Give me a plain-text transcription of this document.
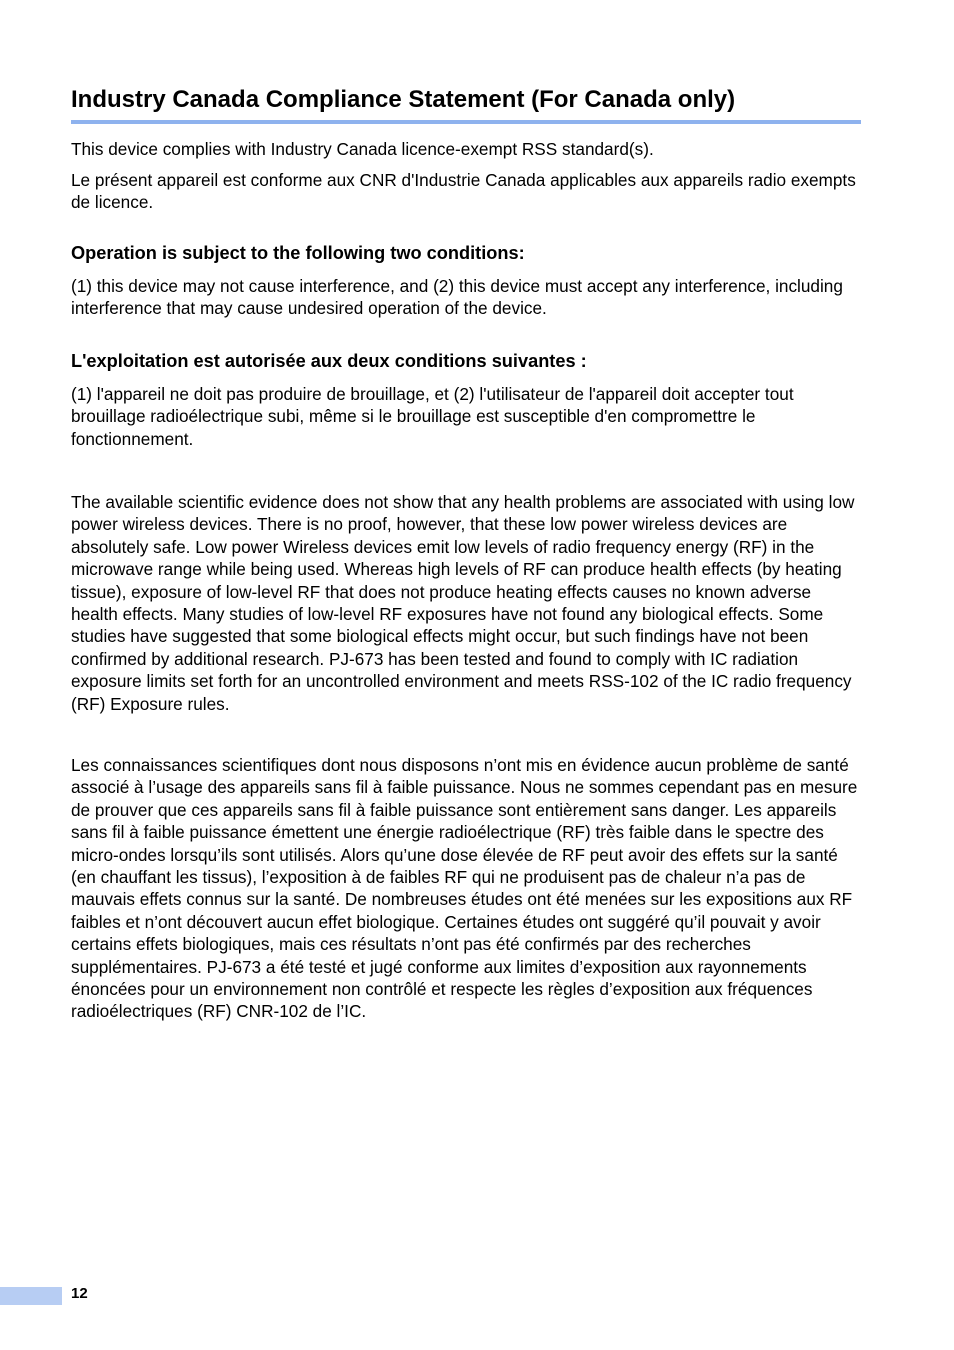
Industry Canada Compliance Statement (For Canada only)

This device complies with Industry Canada licence-exempt RSS standard(s).

Le présent appareil est conforme aux CNR d'Industrie Canada applicables aux appareils radio exempts de licence.

Operation is subject to the following two conditions:

(1) this device may not cause interference, and (2) this device must accept any interference, including interference that may cause undesired operation of the device.

L'exploitation est autorisée aux deux conditions suivantes :

(1) l'appareil ne doit pas produire de brouillage, et (2) l'utilisateur de l'appareil doit accepter tout brouillage radioélectrique subi, même si le brouillage est susceptible d'en compromettre le fonctionnement.

The available scientific evidence does not show that any health problems are associated with using low power wireless devices. There is no proof, however, that these low power wireless devices are absolutely safe. Low power Wireless devices emit low levels of radio frequency energy (RF) in the microwave range while being used. Whereas high levels of RF can produce health effects (by heating tissue), exposure of low-level RF that does not produce heating effects causes no known adverse health effects. Many studies of low-level RF exposures have not found any biological effects. Some studies have suggested that some biological effects might occur, but such findings have not been confirmed by additional research. PJ-673 has been tested and found to comply with IC radiation exposure limits set forth for an uncontrolled environment and meets RSS-102 of the IC radio frequency (RF) Exposure rules.

Les connaissances scientifiques dont nous disposons n’ont mis en évidence aucun problème de santé associé à l’usage des appareils sans fil à faible puissance. Nous ne sommes cependant pas en mesure de prouver que ces appareils sans fil à faible puissance sont entièrement sans danger. Les appareils sans fil à faible puissance émettent une énergie radioélectrique (RF) très faible dans le spectre des micro-ondes lorsqu’ils sont utilisés. Alors qu’une dose élevée de RF peut avoir des effets sur la santé (en chauffant les tissus), l’exposition à de faibles RF qui ne produisent pas de chaleur n’a pas de mauvais effets connus sur la santé. De nombreuses études ont été menées sur les expositions aux RF faibles et n’ont découvert aucun effet biologique. Certaines études ont suggéré qu’il pouvait y avoir certains effets biologiques, mais ces résultats n’ont pas été confirmés par des recherches supplémentaires. PJ-673 a été testé et jugé conforme aux limites d’exposition aux rayonnements énoncées pour un environnement non contrôlé et respecte les règles d’exposition aux fréquences radioélectriques (RF) CNR-102 de l’IC.

12
